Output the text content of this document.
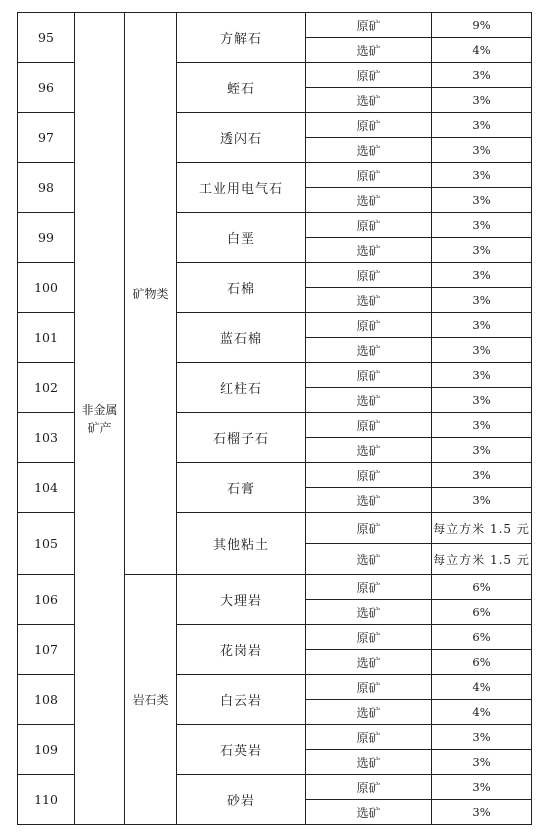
95	非金属矿产	矿物类	方解石	原矿	9%
				选矿	4%
96			蛭石	原矿	3%
				选矿	3%
97			透闪石	原矿	3%
				选矿	3%
98			工业用电气石	原矿	3%
				选矿	3%
99			白垩	原矿	3%
				选矿	3%
100			石棉	原矿	3%
				选矿	3%
101			蓝石棉	原矿	3%
				选矿	3%
102			红柱石	原矿	3%
				选矿	3%
103			石榴子石	原矿	3%
				选矿	3%
104			石膏	原矿	3%
				选矿	3%
105			其他粘土	原矿	每立方米 1.5 元
				选矿	每立方米 1.5 元
106		岩石类	大理岩	原矿	6%
				选矿	6%
107			花岗岩	原矿	6%
				选矿	6%
108			白云岩	原矿	4%
				选矿	4%
109			石英岩	原矿	3%
				选矿	3%
110			砂岩	原矿	3%
				选矿	3%
